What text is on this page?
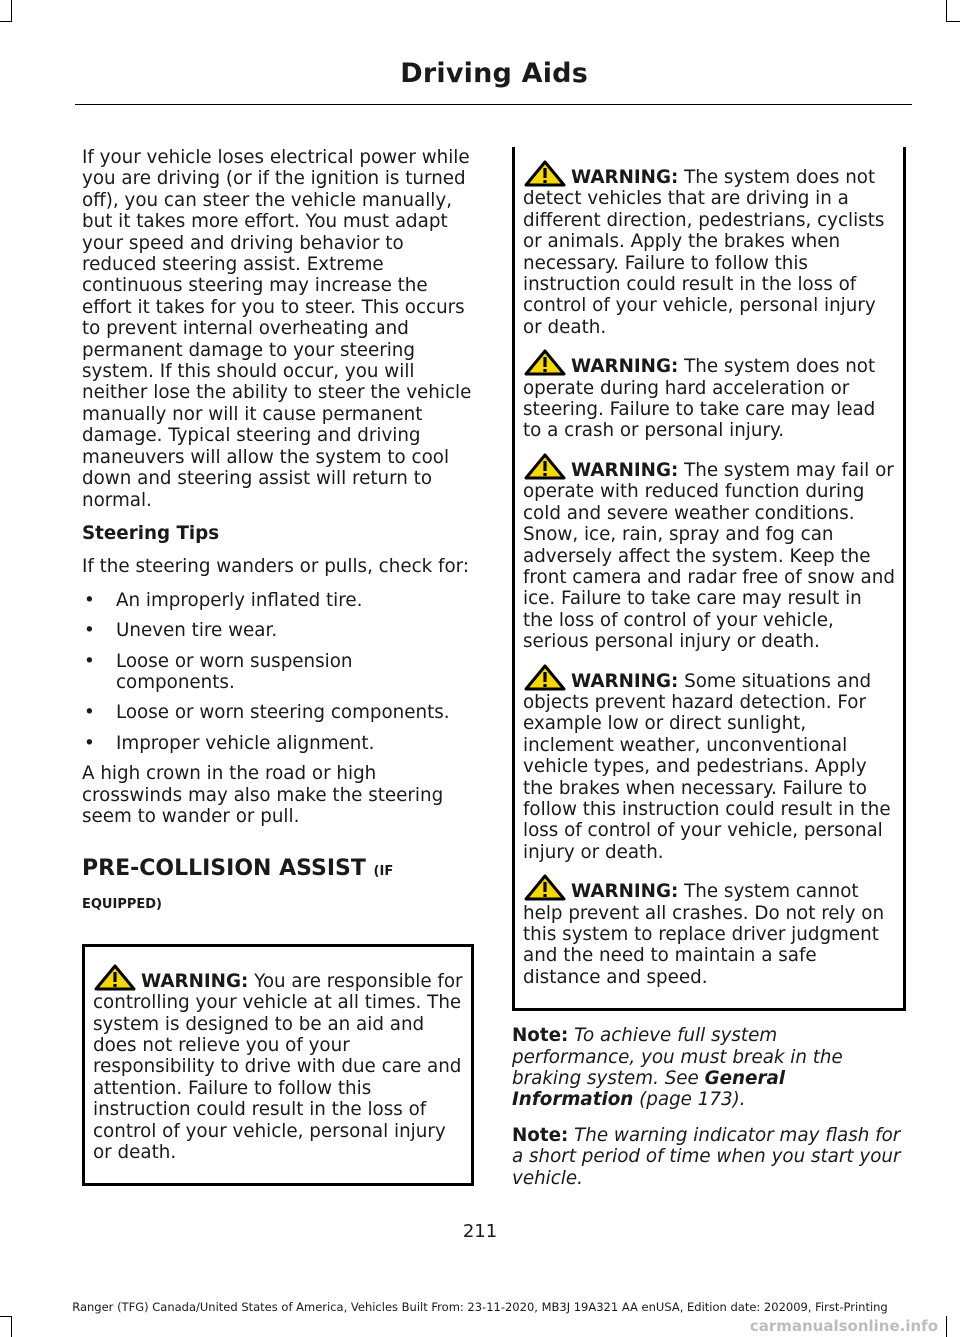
Driving Aids

If your vehicle loses electrical power while you are driving (or if the ignition is turned off), you can steer the vehicle manually, but it takes more effort. You must adapt your speed and driving behavior to reduced steering assist. Extreme continuous steering may increase the effort it takes for you to steer. This occurs to prevent internal overheating and permanent damage to your steering system. If this should occur, you will neither lose the ability to steer the vehicle manually nor will it cause permanent damage. Typical steering and driving maneuvers will allow the system to cool down and steering assist will return to normal.

Steering Tips

If the steering wanders or pulls, check for:

• An improperly inflated tire.
• Uneven tire wear.
• Loose or worn suspension components.
• Loose or worn steering components.
• Improper vehicle alignment.

A high crown in the road or high crosswinds may also make the steering seem to wander or pull.

PRE-COLLISION ASSIST (IF
EQUIPPED)

WARNING: You are responsible for controlling your vehicle at all times. The system is designed to be an aid and does not relieve you of your responsibility to drive with due care and attention. Failure to follow this instruction could result in the loss of control of your vehicle, personal injury or death.

WARNING: The system does not detect vehicles that are driving in a different direction, pedestrians, cyclists or animals. Apply the brakes when necessary. Failure to follow this instruction could result in the loss of control of your vehicle, personal injury or death.

WARNING: The system does not operate during hard acceleration or steering. Failure to take care may lead to a crash or personal injury.

WARNING: The system may fail or operate with reduced function during cold and severe weather conditions. Snow, ice, rain, spray and fog can adversely affect the system. Keep the front camera and radar free of snow and ice. Failure to take care may result in the loss of control of your vehicle, serious personal injury or death.

WARNING: Some situations and objects prevent hazard detection. For example low or direct sunlight, inclement weather, unconventional vehicle types, and pedestrians. Apply the brakes when necessary. Failure to follow this instruction could result in the loss of control of your vehicle, personal injury or death.

WARNING: The system cannot help prevent all crashes. Do not rely on this system to replace driver judgment and the need to maintain a safe distance and speed.

Note: To achieve full system performance, you must break in the braking system. See General Information (page 173).

Note: The warning indicator may flash for a short period of time when you start your vehicle.

211
Ranger (TFG) Canada/United States of America, Vehicles Built From: 23-11-2020, MB3J 19A321 AA enUSA, Edition date: 202009, First-Printing
carmanualsonline.info
